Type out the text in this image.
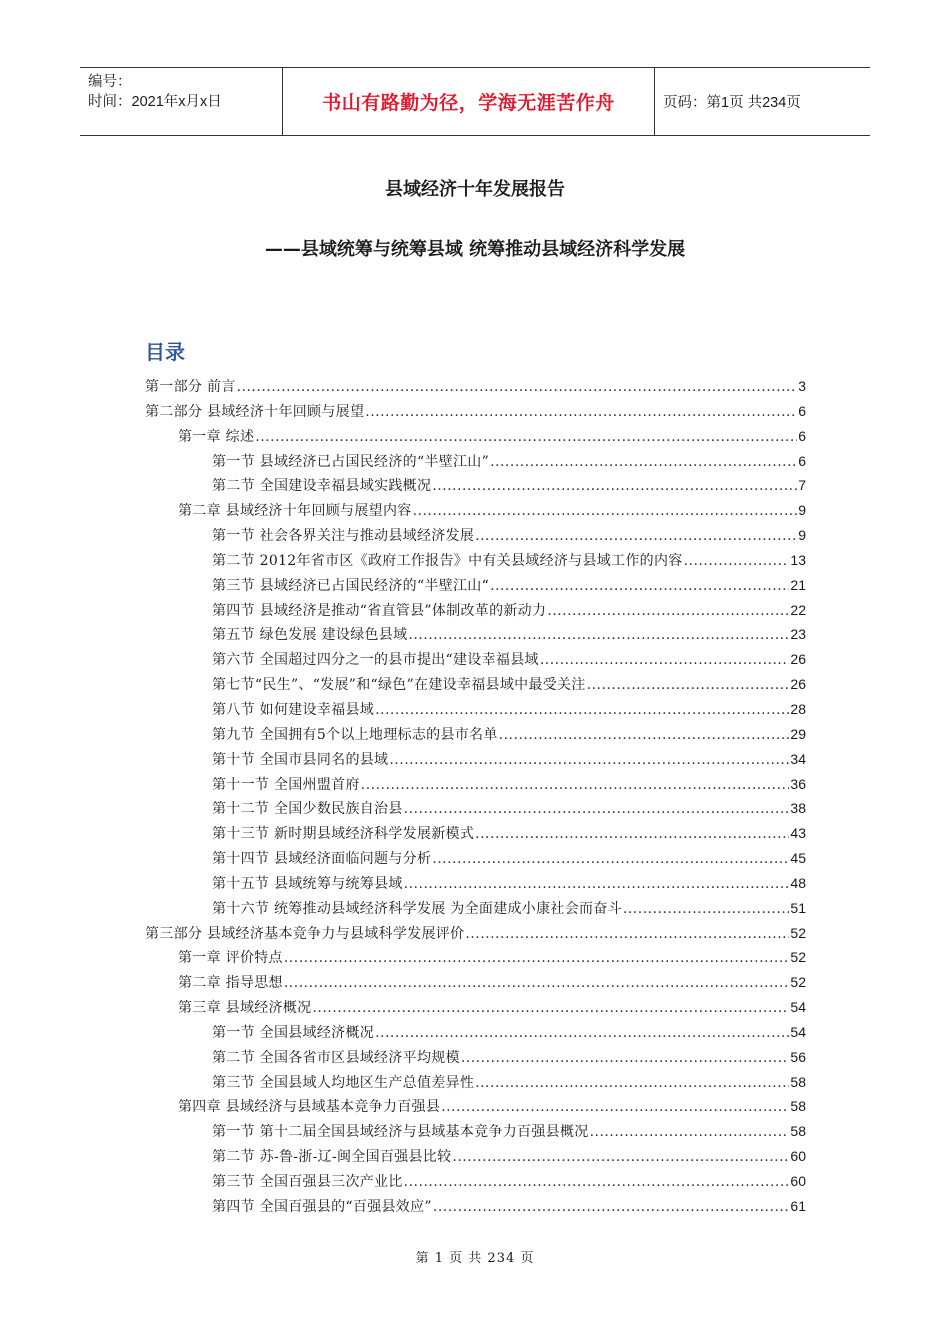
编号：
时间：2021年x月x日	书山有路勤为径，学海无涯苦作舟	页码：第1页 共234页
县域经济十年发展报告
——县域统筹与统筹县域 统筹推动县域经济科学发展
目录
第一部分 前言 .....	3
第二部分 县域经济十年回顾与展望 .....	6
第一章 综述 .....	6
第一节 县域经济已占国民经济的“半壁江山” .....	6
第二节 全国建设幸福县域实践概况 .....	7
第二章 县域经济十年回顾与展望内容 .....	9
第一节 社会各界关注与推动县域经济发展 .....	9
第二节 2012年省市区《政府工作报告》中有关县域经济与县域工作的内容 .....	13
第三节 县域经济已占国民经济的“半壁江山“ .....	21
第四节 县域经济是推动“省直管县”体制改革的新动力 .....	22
第五节 绿色发展 建设绿色县域 .....	23
第六节 全国超过四分之一的县市提出“建设幸福县域 .....	26
第七节“民生”、“发展”和“绿色”在建设幸福县域中最受关注 .....	26
第八节 如何建设幸福县域 .....	28
第九节 全国拥有5个以上地理标志的县市名单 .....	29
第十节 全国市县同名的县域 .....	34
第十一节 全国州盟首府 .....	36
第十二节 全国少数民族自治县 .....	38
第十三节 新时期县域经济科学发展新模式 .....	43
第十四节 县域经济面临问题与分析 .....	45
第十五节 县域统筹与统筹县域 .....	48
第十六节 统筹推动县域经济科学发展 为全面建成小康社会而奋斗 .....	51
第三部分 县域经济基本竞争力与县域科学发展评价 .....	52
第一章 评价特点 .....	52
第二章 指导思想 .....	52
第三章 县域经济概况 .....	54
第一节 全国县域经济概况 .....	54
第二节 全国各省市区县域经济平均规模 .....	56
第三节 全国县域人均地区生产总值差异性 .....	58
第四章 县域经济与县域基本竞争力百强县 .....	58
第一节 第十二届全国县域经济与县域基本竞争力百强县概况 .....	58
第二节 苏-鲁-浙-辽-闽全国百强县比较 .....	60
第三节 全国百强县三次产业比 .....	60
第四节 全国百强县的“百强县效应” .....	61
第 1 页 共 234 页
